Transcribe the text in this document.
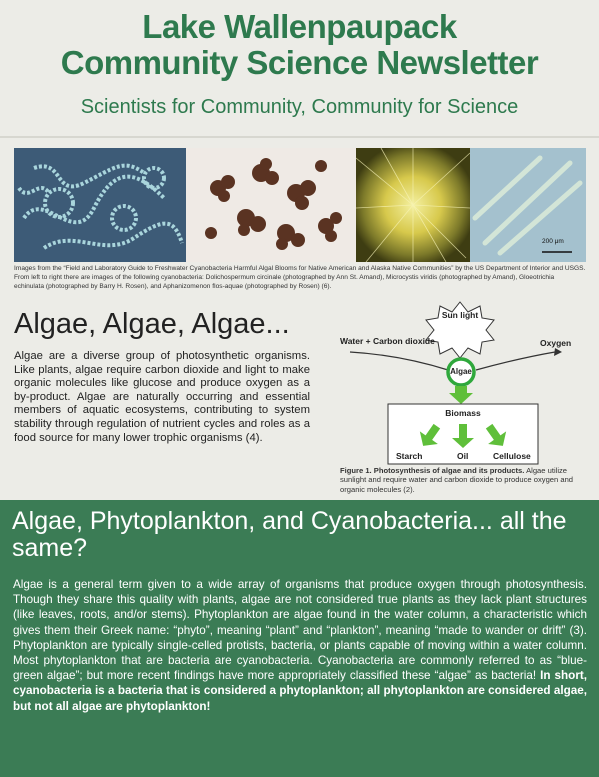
Lake Wallenpaupack
Community Science Newsletter
Scientists for Community, Community for Science
200 μm
Images from the “Field and Laboratory Guide to Freshwater Cyanobacteria Harmful Algal Blooms for Native American and Alaska Native Communities” by the US Department of Interior and USGS. From left to right there are images of the following cyanobacteria: Dolichospermum circinale (photographed by Ann St. Amand), Microcystis viridis (photographed by Amand), Gloeotrichia echinulata (photographed by Barry H. Rosen), and Aphanizomenon flos-aquae (photographed by Rosen) (6).
Algae, Algae, Algae...
Algae are a diverse group of photosynthetic organisms. Like plants, algae require carbon dioxide and light to make organic molecules like glucose and produce oxygen as a by-product. Algae are naturally occurring and essential members of aquatic ecosystems, contributing to system stability through regulation of nutrient cycles and roles as a food source for many lower trophic organisms (4).
Sun light
Water + Carbon dioxide	Oxygen
Algae
Biomass
Starch	Oil	Cellulose
Figure 1. Photosynthesis of algae and its products. Algae utilize sunlight and require water and carbon dioxide to produce oxygen and organic molecules (2).
Algae, Phytoplankton, and Cyanobacteria... all the same?
Algae is a general term given to a wide array of organisms that produce oxygen through photosynthesis. Though they share this quality with plants, algae are not considered true plants as they lack plant structures (like leaves, roots, and/or stems). Phytoplankton are algae found in the water column, a characteristic which gives them their Greek name: “phyto”, meaning “plant” and “plankton”, meaning “made to wander or drift” (3). Phytoplankton are typically single-celled protists, bacteria, or plants capable of moving within a water column. Most phytoplankton that are bacteria are cyanobacteria. Cyanobacteria are commonly referred to as “blue-green algae”; but more recent findings have more appropriately classified these “algae” as bacteria! In short, cyanobacteria is a bacteria that is considered a phytoplankton; all phytoplankton are considered algae, but not all algae are phytoplankton!
